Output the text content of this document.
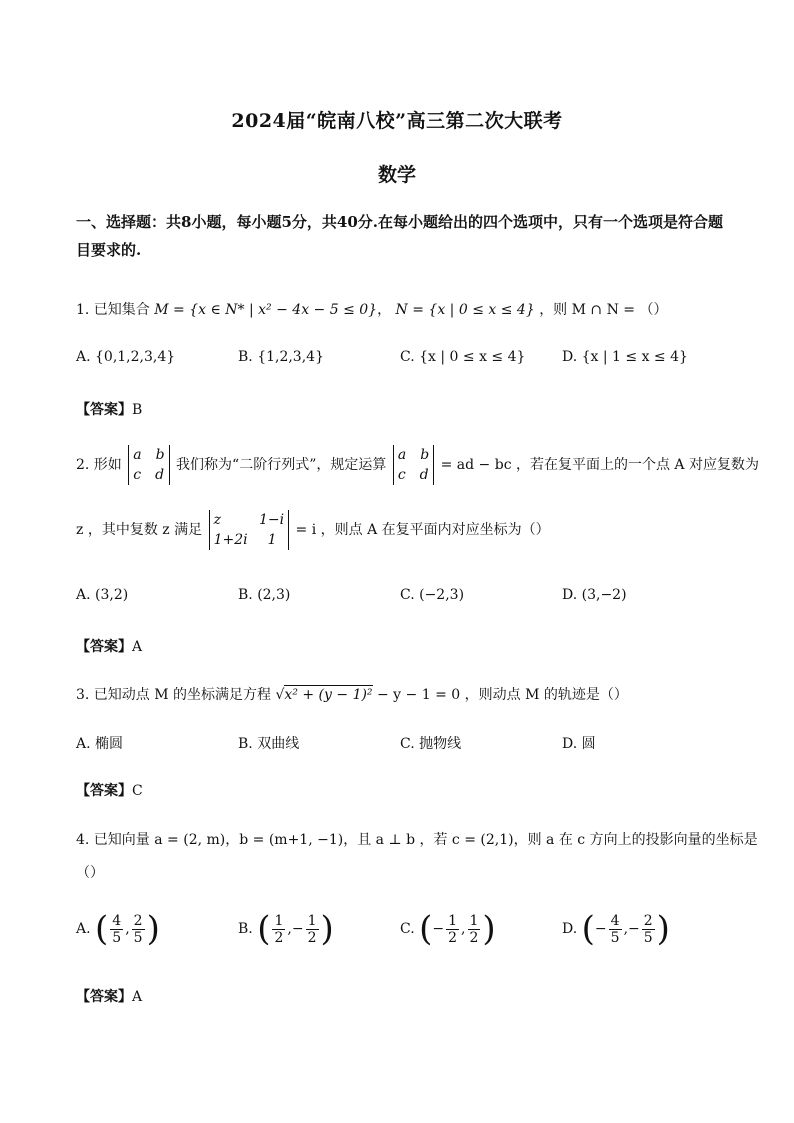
2024届“皖南八校”高三第二次大联考
数学
一、选择题：共8小题，每小题5分，共40分.在每小题给出的四个选项中，只有一个选项是符合题目要求的.
1. 已知集合 M = {x ∈ N* | x² − 4x − 5 ≤ 0}， N = {x | 0 ≤ x ≤ 4} ，则 M ∩ N = （）
A. {0,1,2,3,4}	B. {1,2,3,4}	C. {x | 0 ≤ x ≤ 4}	D. {x | 1 ≤ x ≤ 4}
【答案】B
2. 形如
a b
c d
我们称为“二阶行列式”，规定运算
a b
c d
= ad − bc ，若在复平面上的一个点 A 对应复数为
z ，其中复数 z 满足
z	1−i
1+2i 1
= i ，则点 A 在复平面内对应坐标为（）
A. (3,2)	B. (2,3)	C. (−2,3)	D. (3,−2)
【答案】A
3. 已知动点 M 的坐标满足方程 √x² + (y − 1)² − y − 1 = 0 ，则动点 M 的轨迹是（）
A. 椭圆	B. 双曲线	C. 抛物线	D. 圆
【答案】C
4. 已知向量 a = (2, m)，b = (m+1, −1)，且 a ⊥ b ，若 c = (2,1)，则 a 在 c 方向上的投影向量的坐标是
（）
A. ( $\frac{4}{5}$ , $\frac{2}{5}$ )	B. ( $\frac{1}{2}$ ,− $\frac{1}{2}$ )	C. (− $\frac{1}{2}$ , $\frac{1}{2}$ )	D. (− $\frac{4}{5}$ ,− $\frac{2}{5}$ )
【答案】A
